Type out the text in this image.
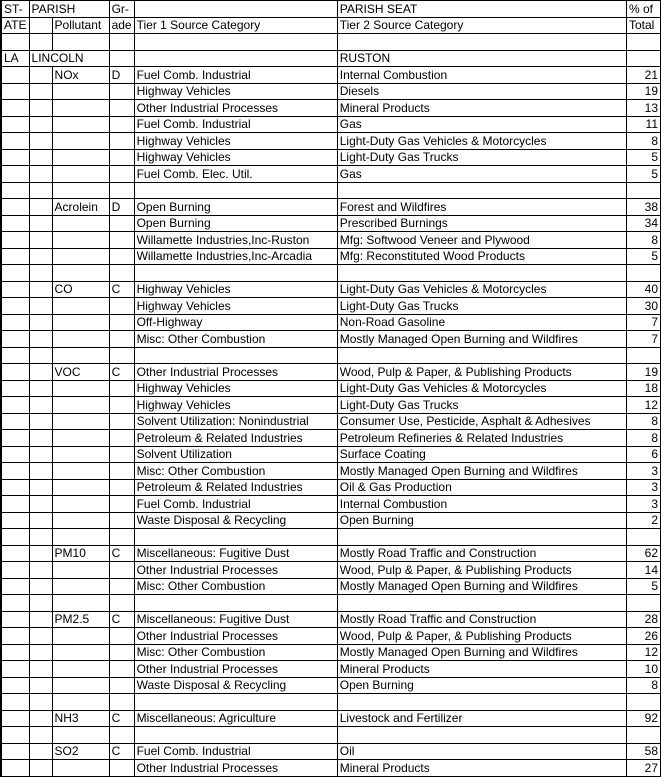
ST-	PARISH		Gr-		PARISH SEAT	% of
ATE		Pollutant	ade	Tier 1 Source Category	Tier 2 Source Category	Total

LA	LINCOLN				RUSTON	
		NOx	D	Fuel Comb. Industrial	Internal Combustion	21
				Highway Vehicles	Diesels	19
				Other Industrial Processes	Mineral Products	13
				Fuel Comb. Industrial	Gas	11
				Highway Vehicles	Light-Duty Gas Vehicles & Motorcycles	8
				Highway Vehicles	Light-Duty Gas Trucks	5
				Fuel Comb. Elec. Util.	Gas	5

		Acrolein	D	Open Burning	Forest and Wildfires	38
				Open Burning	Prescribed Burnings	34
				Willamette Industries,Inc-Ruston	Mfg: Softwood Veneer and Plywood	8
				Willamette Industries,Inc-Arcadia	Mfg: Reconstituted Wood Products	5

		CO	C	Highway Vehicles	Light-Duty Gas Vehicles & Motorcycles	40
				Highway Vehicles	Light-Duty Gas Trucks	30
				Off-Highway	Non-Road Gasoline	7
				Misc: Other Combustion	Mostly Managed Open Burning and Wildfires	7

		VOC	C	Other Industrial Processes	Wood, Pulp & Paper, & Publishing Products	19
				Highway Vehicles	Light-Duty Gas Vehicles & Motorcycles	18
				Highway Vehicles	Light-Duty Gas Trucks	12
				Solvent Utilization: Nonindustrial	Consumer Use, Pesticide, Asphalt & Adhesives	8
				Petroleum & Related Industries	Petroleum Refineries & Related Industries	8
				Solvent Utilization	Surface Coating	6
				Misc: Other Combustion	Mostly Managed Open Burning and Wildfires	3
				Petroleum & Related Industries	Oil & Gas Production	3
				Fuel Comb. Industrial	Internal Combustion	3
				Waste Disposal & Recycling	Open Burning	2

		PM10	C	Miscellaneous: Fugitive Dust	Mostly Road Traffic and Construction	62
				Other Industrial Processes	Wood, Pulp & Paper, & Publishing Products	14
				Misc: Other Combustion	Mostly Managed Open Burning and Wildfires	5

		PM2.5	C	Miscellaneous: Fugitive Dust	Mostly Road Traffic and Construction	28
				Other Industrial Processes	Wood, Pulp & Paper, & Publishing Products	26
				Misc: Other Combustion	Mostly Managed Open Burning and Wildfires	12
				Other Industrial Processes	Mineral Products	10
				Waste Disposal & Recycling	Open Burning	8

		NH3	C	Miscellaneous: Agriculture	Livestock and Fertilizer	92

		SO2	C	Fuel Comb. Industrial	Oil	58
				Other Industrial Processes	Mineral Products	27
